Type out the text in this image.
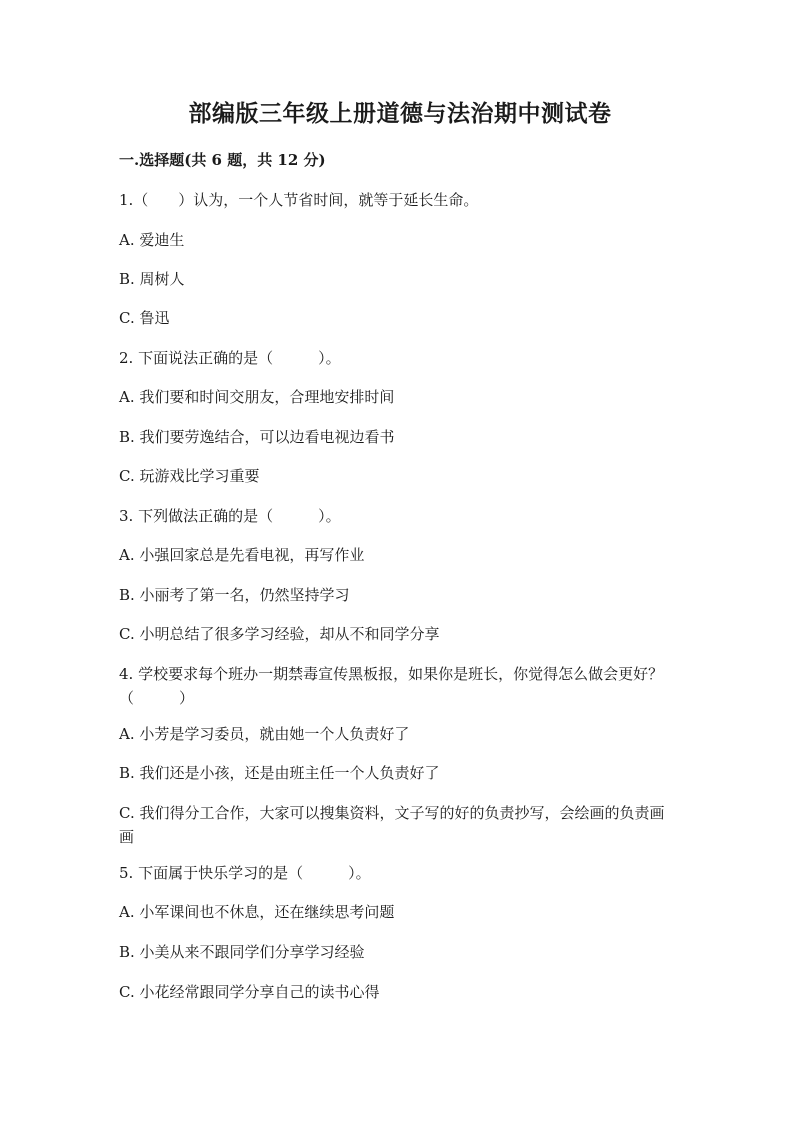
部编版三年级上册道德与法治期中测试卷
一.选择题(共 6 题，共 12 分)
1.（　　）认为，一个人节省时间，就等于延长生命。
A. 爱迪生
B. 周树人
C. 鲁迅
2. 下面说法正确的是（　　　）。
A. 我们要和时间交朋友，合理地安排时间
B. 我们要劳逸结合，可以边看电视边看书
C. 玩游戏比学习重要
3. 下列做法正确的是（　　　）。
A. 小强回家总是先看电视，再写作业
B. 小丽考了第一名，仍然坚持学习
C. 小明总结了很多学习经验，却从不和同学分享
4. 学校要求每个班办一期禁毒宣传黑板报，如果你是班长，你觉得怎么做会更好？（　　　）
A. 小芳是学习委员，就由她一个人负责好了
B. 我们还是小孩，还是由班主任一个人负责好了
C. 我们得分工合作，大家可以搜集资料，文子写的好的负责抄写，会绘画的负责画画
5. 下面属于快乐学习的是（　　　）。
A. 小军课间也不休息，还在继续思考问题
B. 小美从来不跟同学们分享学习经验
C. 小花经常跟同学分享自己的读书心得
